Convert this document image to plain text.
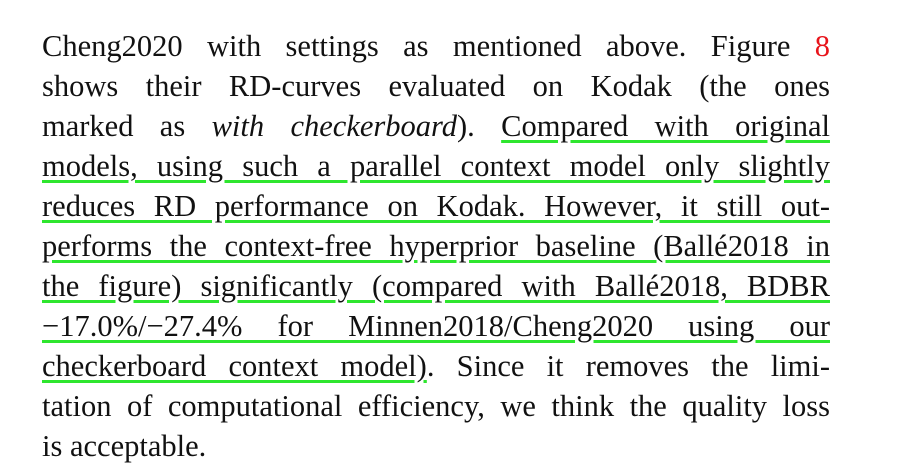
Cheng2020 with settings as mentioned above. Figure 8
shows their RD-curves evaluated on Kodak (the ones
marked as with checkerboard). Compared with original
models, using such a parallel context model only slightly
reduces RD performance on Kodak. However, it still out-
performs the context-free hyperprior baseline (Ballé2018 in
the figure) significantly (compared with Ballé2018, BDBR
−17.0%/−27.4% for Minnen2018/Cheng2020 using our
checkerboard context model). Since it removes the limi-
tation of computational efficiency, we think the quality loss
is acceptable.
